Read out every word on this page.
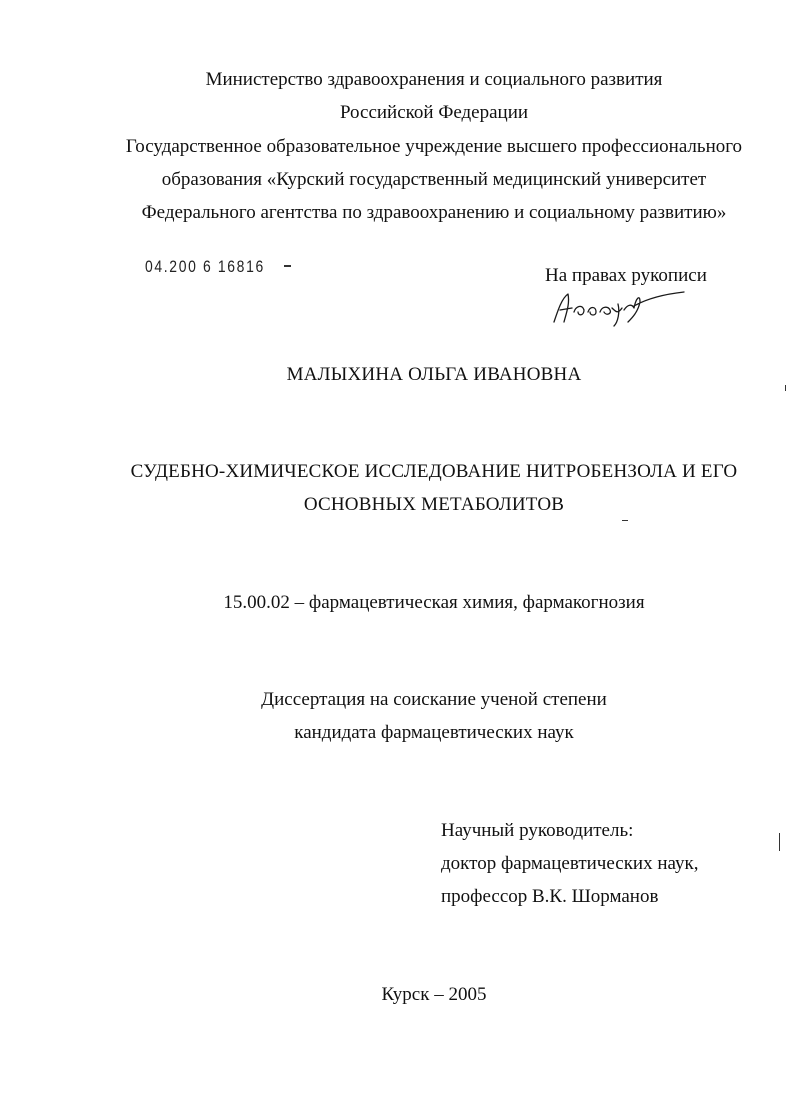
Министерство здравоохранения и социального развития
Российской Федерации
Государственное образовательное учреждение высшего профессионального
образования «Курский государственный медицинский университет
Федерального агентства по здравоохранению и социальному развитию»
04.200 6 16816	На правах рукописи
МАЛЫХИНА ОЛЬГА ИВАНОВНА
СУДЕБНО-ХИМИЧЕСКОЕ ИССЛЕДОВАНИЕ НИТРОБЕНЗОЛА И ЕГО
ОСНОВНЫХ МЕТАБОЛИТОВ
15.00.02 – фармацевтическая химия, фармакогнозия
Диссертация на соискание ученой степени
кандидата фармацевтических наук
Научный руководитель:
доктор фармацевтических наук,
профессор В.К. Шорманов
Курск – 2005
